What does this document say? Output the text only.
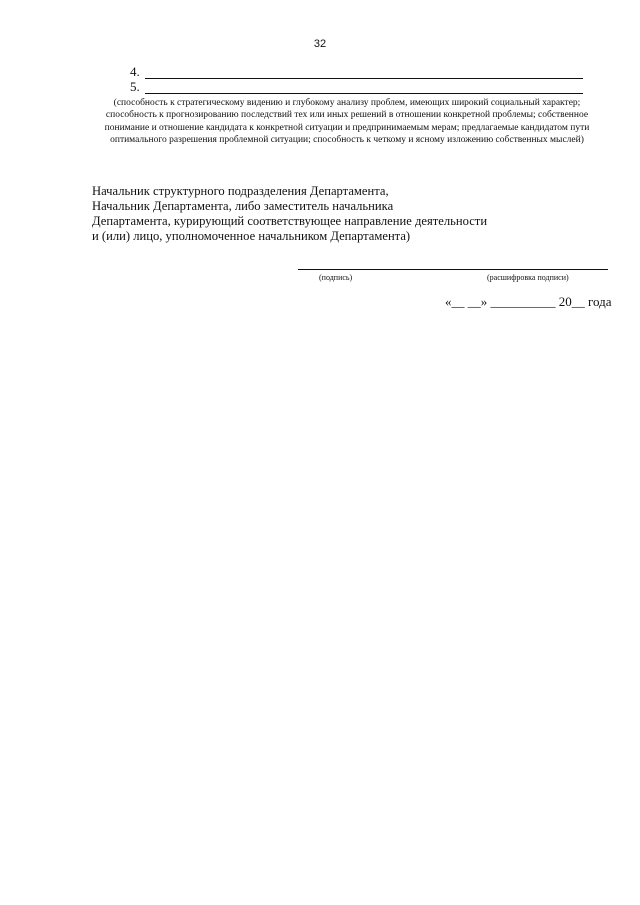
32
4.
5.
(способность к стратегическому видению и глубокому анализу проблем, имеющих широкий социальный характер; способность к прогнозированию последствий тех или иных решений в отношении конкретной проблемы; собственное понимание и отношение кандидата к конкретной ситуации и предпринимаемым мерам; предлагаемые кандидатом пути оптимального разрешения проблемной ситуации; способность к четкому и ясному изложению собственных мыслей)
Начальник структурного подразделения Департамента,
Начальник Департамента, либо заместитель начальника
Департамента, курирующий соответствующее направление деятельности
и (или) лицо, уполномоченное начальником Департамента)
(подпись)	(расшифровка подписи)
«__ __» __________ 20__ года
